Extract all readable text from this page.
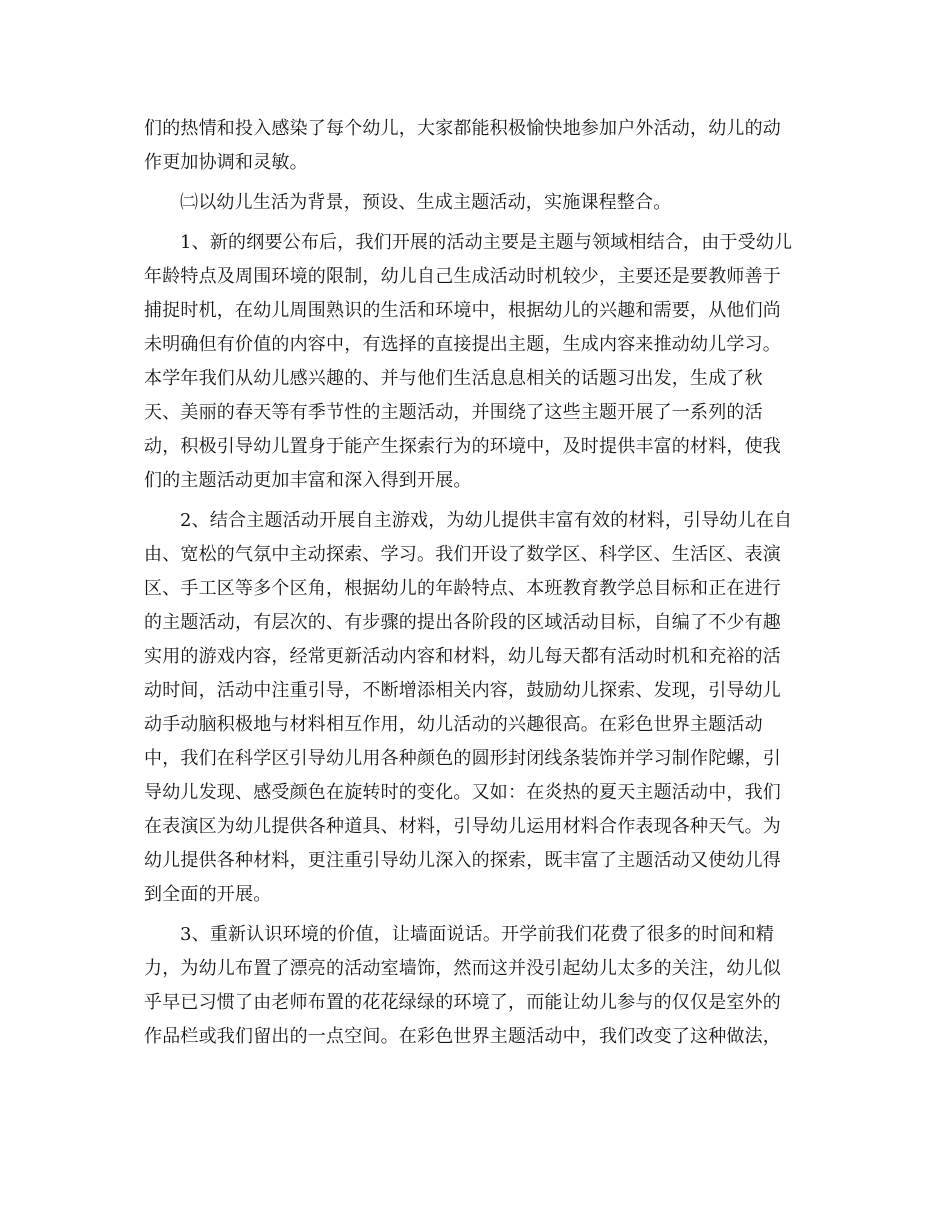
们的热情和投入感染了每个幼儿，大家都能积极愉快地参加户外活动，幼儿的动
作更加协调和灵敏。
㈡以幼儿生活为背景，预设、生成主题活动，实施课程整合。
1、新的纲要公布后，我们开展的活动主要是主题与领域相结合，由于受幼儿
年龄特点及周围环境的限制，幼儿自己生成活动时机较少，主要还是要教师善于
捕捉时机，在幼儿周围熟识的生活和环境中，根据幼儿的兴趣和需要，从他们尚
未明确但有价值的内容中，有选择的直接提出主题，生成内容来推动幼儿学习。
本学年我们从幼儿感兴趣的、并与他们生活息息相关的话题习出发，生成了秋
天、美丽的春天等有季节性的主题活动，并围绕了这些主题开展了一系列的活
动，积极引导幼儿置身于能产生探索行为的环境中，及时提供丰富的材料，使我
们的主题活动更加丰富和深入得到开展。
2、结合主题活动开展自主游戏，为幼儿提供丰富有效的材料，引导幼儿在自
由、宽松的气氛中主动探索、学习。我们开设了数学区、科学区、生活区、表演
区、手工区等多个区角，根据幼儿的年龄特点、本班教育教学总目标和正在进行
的主题活动，有层次的、有步骤的提出各阶段的区域活动目标，自编了不少有趣
实用的游戏内容，经常更新活动内容和材料，幼儿每天都有活动时机和充裕的活
动时间，活动中注重引导，不断增添相关内容，鼓励幼儿探索、发现，引导幼儿
动手动脑积极地与材料相互作用，幼儿活动的兴趣很高。在彩色世界主题活动
中，我们在科学区引导幼儿用各种颜色的圆形封闭线条装饰并学习制作陀螺，引
导幼儿发现、感受颜色在旋转时的变化。又如：在炎热的夏天主题活动中，我们
在表演区为幼儿提供各种道具、材料，引导幼儿运用材料合作表现各种天气。为
幼儿提供各种材料，更注重引导幼儿深入的探索，既丰富了主题活动又使幼儿得
到全面的开展。
3、重新认识环境的价值，让墙面说话。开学前我们花费了很多的时间和精
力，为幼儿布置了漂亮的活动室墙饰，然而这并没引起幼儿太多的关注，幼儿似
乎早已习惯了由老师布置的花花绿绿的环境了，而能让幼儿参与的仅仅是室外的
作品栏或我们留出的一点空间。在彩色世界主题活动中，我们改变了这种做法，
